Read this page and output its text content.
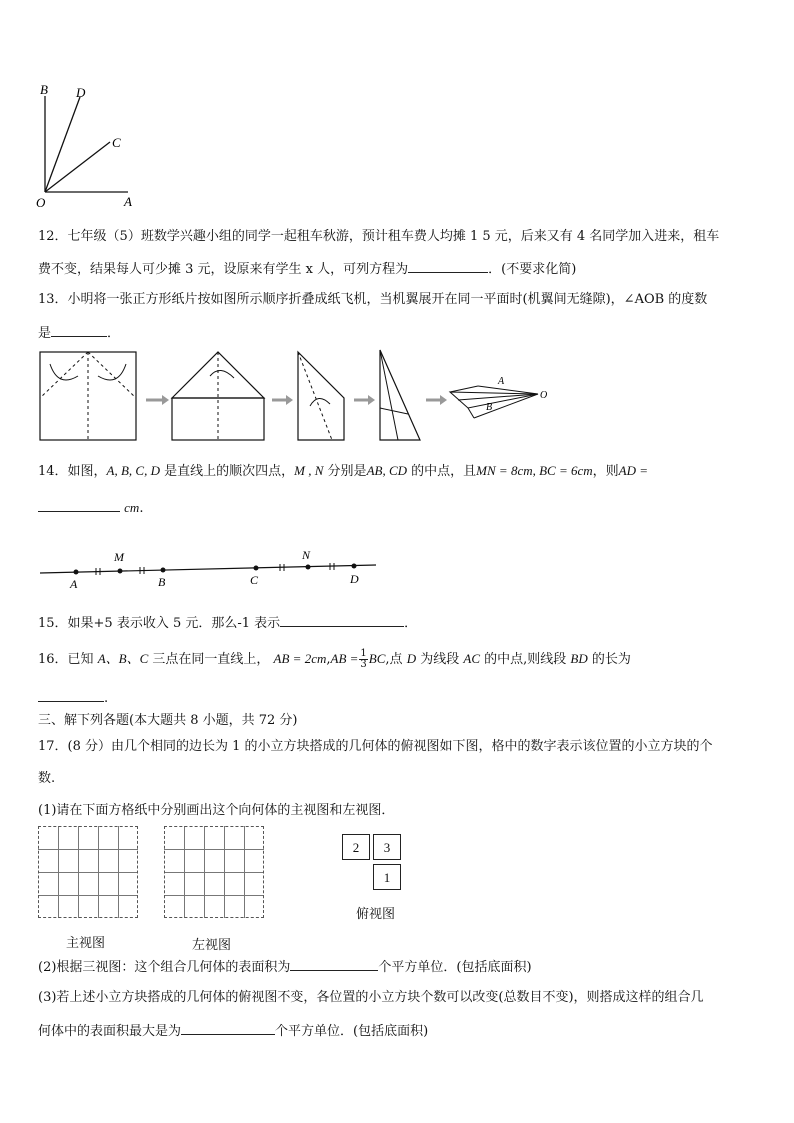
B D
C
O	A
12．七年级（5）班数学兴趣小组的同学一起租车秋游，预计租车费人均摊 1 5 元，后来又有 4 名同学加入进来，租车
费不变，结果每人可少摊 3 元，设原来有学生 x 人，可列方程为	．(不要求化简)
13．小明将一张正方形纸片按如图所示顺序折叠成纸飞机，当机翼展开在同一平面时(机翼间无缝隙)，∠AOB 的度数
是	．
A
B
O
14．如图，A, B, C, D 是直线上的顺次四点，M , N 分别是AB, CD 的中点，且MN = 8cm, BC = 6cm，则AD =
cm.
A
M
B	C
N
D
15．如果+5 表示收入 5 元．那么-1 表示	．
16．已知 A、B、C 三点在同一直线上， AB = $2cm,AB = \frac{1}{3}$ BC,点 D 为线段 AC 的中点,则线段 BD 的长为
.
三、解下列各题(本大题共 8 小题，共 72 分)
17．(8 分）由几个相同的边长为 1 的小立方块搭成的几何体的俯视图如下图，格中的数字表示该位置的小立方块的个
数.
(1)请在下面方格纸中分别画出这个向何体的主视图和左视图．
主视图	左视图
2	3
1
俯视图
(2)根据三视图：这个组合几何体的表面积为	个平方单位．(包括底面积)
(3)若上述小立方块搭成的几何体的俯视图不变，各位置的小立方块个数可以改变(总数目不变)，则搭成这样的组合几
何体中的表面积最大是为	个平方单位．(包括底面积)
